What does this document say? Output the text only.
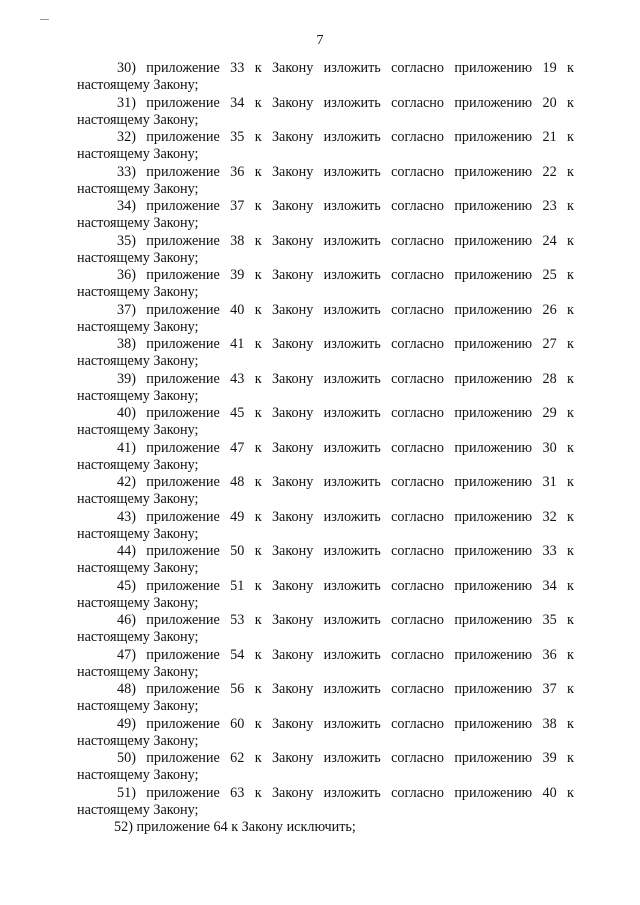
7
30) приложение 33 к Закону изложить согласно приложению 19 к
настоящему Закону;
31) приложение 34 к Закону изложить согласно приложению 20 к
настоящему Закону;
32) приложение 35 к Закону изложить согласно приложению 21 к
настоящему Закону;
33) приложение 36 к Закону изложить согласно приложению 22 к
настоящему Закону;
34) приложение 37 к Закону изложить согласно приложению 23 к
настоящему Закону;
35) приложение 38 к Закону изложить согласно приложению 24 к
настоящему Закону;
36) приложение 39 к Закону изложить согласно приложению 25 к
настоящему Закону;
37) приложение 40 к Закону изложить согласно приложению 26 к
настоящему Закону;
38) приложение 41 к Закону изложить согласно приложению 27 к
настоящему Закону;
39) приложение 43 к Закону изложить согласно приложению 28 к
настоящему Закону;
40) приложение 45 к Закону изложить согласно приложению 29 к
настоящему Закону;
41) приложение 47 к Закону изложить согласно приложению 30 к
настоящему Закону;
42) приложение 48 к Закону изложить согласно приложению 31 к
настоящему Закону;
43) приложение 49 к Закону изложить согласно приложению 32 к
настоящему Закону;
44) приложение 50 к Закону изложить согласно приложению 33 к
настоящему Закону;
45) приложение 51 к Закону изложить согласно приложению 34 к
настоящему Закону;
46) приложение 53 к Закону изложить согласно приложению 35 к
настоящему Закону;
47) приложение 54 к Закону изложить согласно приложению 36 к
настоящему Закону;
48) приложение 56 к Закону изложить согласно приложению 37 к
настоящему Закону;
49) приложение 60 к Закону изложить согласно приложению 38 к
настоящему Закону;
50) приложение 62 к Закону изложить согласно приложению 39 к
настоящему Закону;
51) приложение 63 к Закону изложить согласно приложению 40 к
настоящему Закону;
52) приложение 64 к Закону исключить;
